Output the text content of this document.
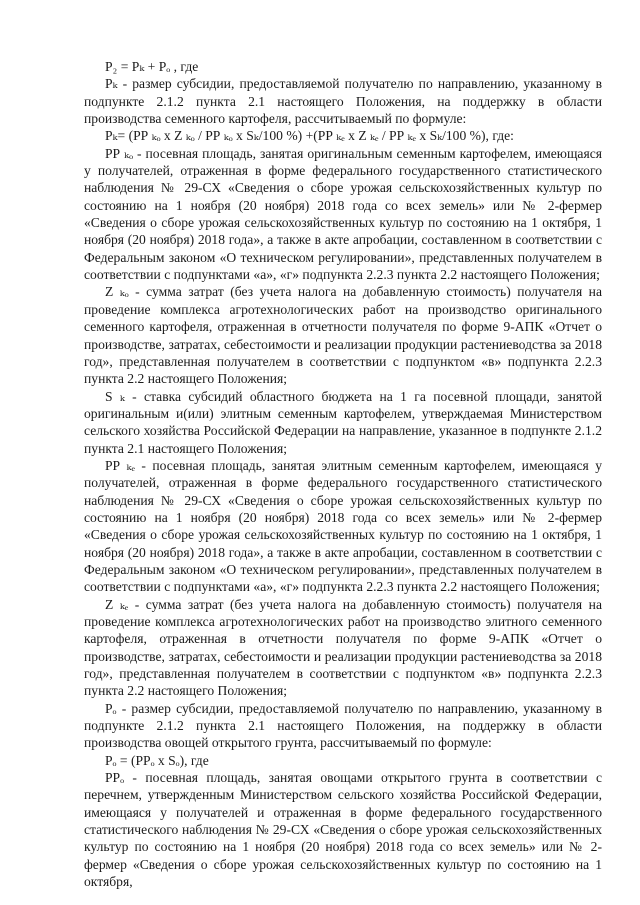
Р₂ = Рₖ + Рₒ , где

Рₖ - размер субсидии, предоставляемой получателю по направлению, указанному в подпункте 2.1.2 пункта 2.1 настоящего Положения, на поддержку в области производства семенного картофеля, рассчитываемый по формуле:

Рₖ= (РР ₖₒ х Z ₖₒ / РР ₖₒ х Sₖ/100 %) +(РР ₖₑ х Z ₖₑ / РР ₖₑ х Sₖ/100 %), где:

РР ₖₒ - посевная площадь, занятая оригинальным семенным картофелем, имеющаяся у получателей, отраженная в форме федерального государственного статистического наблюдения № 29-СХ «Сведения о сборе урожая сельскохозяйственных культур по состоянию на 1 ноября (20 ноября) 2018 года со всех земель» или № 2-фермер «Сведения о сборе урожая сельскохозяйственных культур по состоянию на 1 октября, 1 ноября (20 ноября) 2018 года», а также в акте апробации, составленном в соответствии с Федеральным законом «О техническом регулировании», представленных получателем в соответствии с подпунктами «а», «г» подпункта 2.2.3 пункта 2.2 настоящего Положения;

Z ₖₒ - сумма затрат (без учета налога на добавленную стоимость) получателя на проведение комплекса агротехнологических работ на производство оригинального семенного картофеля, отраженная в отчетности получателя по форме 9-АПК «Отчет о производстве, затратах, себестоимости и реализации продукции растениеводства за 2018 год», представленная получателем в соответствии с подпунктом «в» подпункта 2.2.3 пункта 2.2 настоящего Положения;

S ₖ - ставка субсидий областного бюджета на 1 га посевной площади, занятой оригинальным и(или) элитным семенным картофелем, утверждаемая Министерством сельского хозяйства Российской Федерации на направление, указанное в подпункте 2.1.2 пункта 2.1 настоящего Положения;

РР ₖₑ - посевная площадь, занятая элитным семенным картофелем, имеющаяся у получателей, отраженная в форме федерального государственного статистического наблюдения № 29-СХ «Сведения о сборе урожая сельскохозяйственных культур по состоянию на 1 ноября (20 ноября) 2018 года со всех земель» или № 2-фермер «Сведения о сборе урожая сельскохозяйственных культур по состоянию на 1 октября, 1 ноября (20 ноября) 2018 года», а также в акте апробации, составленном в соответствии с Федеральным законом «О техническом регулировании», представленных получателем в соответствии с подпунктами «а», «г» подпункта 2.2.3 пункта 2.2 настоящего Положения;

Z ₖₑ - сумма затрат (без учета налога на добавленную стоимость) получателя на проведение комплекса агротехнологических работ на производство элитного семенного картофеля, отраженная в отчетности получателя по форме 9-АПК «Отчет о производстве, затратах, себестоимости и реализации продукции растениеводства за 2018 год», представленная получателем в соответствии с подпунктом «в» подпункта 2.2.3 пункта 2.2 настоящего Положения;

Рₒ - размер субсидии, предоставляемой получателю по направлению, указанному в подпункте 2.1.2 пункта 2.1 настоящего Положения, на поддержку в области производства овощей открытого грунта, рассчитываемый по формуле:

Рₒ = (РРₒ х Sₒ), где

РРₒ - посевная площадь, занятая овощами открытого грунта в соответствии с перечнем, утвержденным Министерством сельского хозяйства Российской Федерации, имеющаяся у получателей и отраженная в форме федерального государственного статистического наблюдения № 29-СХ «Сведения о сборе урожая сельскохозяйственных культур по состоянию на 1 ноября (20 ноября) 2018 года со всех земель» или № 2-фермер «Сведения о сборе урожая сельскохозяйственных культур по состоянию на 1 октября,
